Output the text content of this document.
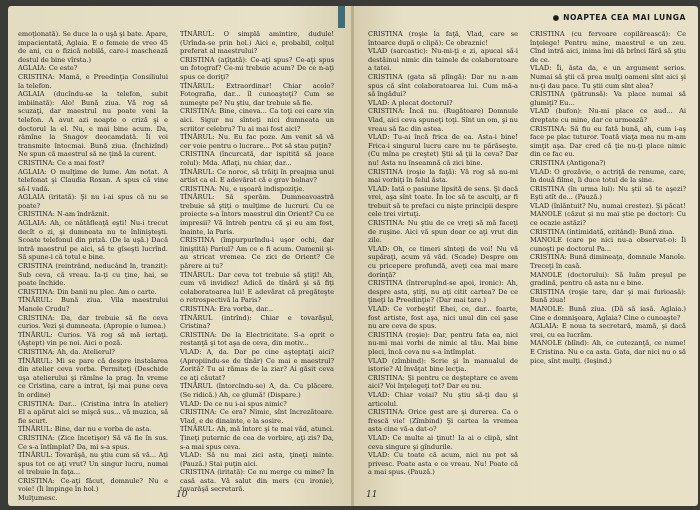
emoţionată). Se duce la o uşă şi bate. Apare, impacientată, Aglaia. E o femeie de vreo 45 de ani, cu o fizică nobilă, care-i mascheazǎ destul de bine vîrsta.)

AGLAIA: Ce este?

CRISTINA: Mamă, e Preedinţia Consiliului la telefon.

AGLAIA (ducîndu-se la telefon, subit imbiinată): Alo! Bună ziua. Vă rog să scuzaţi, dar maestrul nu poate veni la telefon. A avut azi noapte o criză şi e doctorul la el. Nu, e mai bine acum. Da, rămîne la Snagov deocamdată. Îi voi transmite întocmai. Bună ziua. (Închizînd) Ne spun că maestrul să ne ţină la curent.

CRISTINA: Ce a mai fost?

AGLAIA: O mulţime de lume. Am notat. A telefonat şi Claudia Roxan. A spus că vine să-l vadă.

AGLAIA (iritată): Şi nu i-ai spus că nu se poate?

CRISTINA: N-am îndrăznit.

AGLAIA: Ah, ce nătăfleaţă eşti! Nu-i trecut decît o zi, şi dumneata nu te înlinişteşti. Scoate telefonul din priză. (De la uşă.) Dacă intră maestrul pe aici, să te gîseşti lucrînd. Să spune-i că totul e bine.

CRISTINA (reintrând, neducând în, tranzit): Sub ceva, că vreau. Ia-ţi cu ţine, hai, se poate închide.

CRISTINA: Din banii nu plec. Am o carte.

TÎNĂRUL: Bună ziua. Vila maestrului Manole Crudu?

CRISTINA: Da, dar trebuie să fie ceva curios. Vezi şi dumneata. (Apropie o lumea.)

TÎNĂRUL: Curios. Vă rog să mă iertaţi. (Aştept) vin pe noi. Aici o poză.

CRISTINA: Ah, da. Atelierul?

TÎNĂRUL: Mi se pare că despre instalarea din atelier ceva vorba. Permiteţi (Deschide uşa atelierului şi rămîne la prag. În vreme ce Cristina, care a intrat, îşi mai pune ceva în ordine)

CRISTINA: Dar... (Cristina intra în atelier) El a apărut aici se mişcă sus... vă muzica, să fie scurt.

TÎNĂRUL: Bine, dar nu e vorba de asta.

CRISTINA: (Zice încetişor) Să vă fie în sus. Ce s-a întîmplat? Da, mi s-a spus.

TÎNĂRUL: Tovarăşă, nu ştiu cum să vă... Aţi spus tot ce aţi vrut? Un singur lucru, numai el trebuie în faţa...

CRISTINA: Ce-aţi făcut, domnule? Nu e voie! (Îi împinge în hol.)

Mulţumesc.

TÎNĂRUL: O simplă amintire, dudule! (Urînda-se prin hol.) Aici e, probabil, colţul preferat al maestrului?

CRISTINA (aţîţată): Ce-aţi spus? Ce-aţi spus un fotograf? Ce-mi trebuie acum? De ce n-aţi spus ce doriţi?

TÎNĂRUL: Extraordinar! Chiar acolo? Fotografia, dar... îl cunoaşteţi? Cum se numeşte pe? Nu ştiu, dar trebuie să fie.

CRISTINA: Bine, cineva... Ca toţi cei care vin aici. Sigur nu sînteţi nici dumneata un scriitor celebru? Tu ai mai fost aici?

TÎNĂRUL: Nu. Eu fac poze. Am venit să vă cer voie pentru o lucrare... Pot să stau puţin?

CRISTINA (încurcată, dar ispitită să joace rolul): Mda. Aflaţi, nu chiar, dar...

TÎNĂRUL: Ce noroc, să trăiţi în preajma unui artist ca el. E adevărat că e grav bolnav?

CRISTINA: Nu, e uşoară indispoziţie.

TÎNĂRUL: Să sperăm. Dumneavoastră trebuie să ştiţi o mulţime de lucruri. Cu ce proiecte s-a întors maestrul din Orient? Cu ce impresii? Vă întreb pentru că şi eu am fost, înainte, la Paris.

CRISTINA (împurpurîndu-i uşor ochi, dar liniştită) Pariul? Am ce e fi acum. Oamenii şi-au stricat vremea. Ce zici de Orient? Ce părere ai tu?

TÎNĂRUL: Dar ceva tot trebuie să ştiţi! Ah, cum vă invidiez! Adică de tînără şi să fiţi colaboratoarea lui! E adevărat că pregăteşte o retrospectivă la Paris?

CRISTINA: Era vorba, dar...

TÎNĂRUL (intrînd): Chiar e tovarăşul, Cristina?

CRISTINA: De la Electricitate. S-a oprit o restanţă şi tot aşa de ceva, din motiv...

VLAD: A, da. Dar pe cine aşteptaţi aici? (Apropiindu-se de tînăr) Ce mai e maestrul? Zorită? Tu ai rămas de la ziar? Ai găsit ceva ce aţi căutat?

TÎNĂRUL (întorcîndu-se) A, da. Cu plăcere. (Se ridică.) Ah, ce glumă! (Dispare.)

VLAD: De ce nu i-ai spus nimic?

CRISTINA: Ce era? Nimic, sînt încrezătoare. Vlad, e de dinainte, e la sosire.

TÎNĂRUL: Ah, mă întorc şi te mai văd, atunci. Ţineţi puternic de cea de vorbire, aţi zis? Da, s-a mai spus ceva.

VLAD: Să nu mai zici asta, ţineţi minte. (Pauză.) Stai puţin aici.

CRISTINA (iritată): Ce nu merge cu mine? În casă asta. Vă salut din mers (cu ironie), tovarăşă secretară.

10
● NOAPTEA CEA MAI LUNGA

CRISTINA (roşie la faţă, Vlad, care se întoarce după o clipă): Ce obraznic!

VLAD (sarcastic): Nu-mi-ţi e zi, apucai să-i destăinui nimic din tainele de colaboratoare a tatei.

CRISTINA (gata să plîngă): Dar nu n-am spus că sînt colaboratoarea lui. Cum mă-a să îngădui?

VLAD: A plecat doctorul?

CRISTINA: Încă nu. (Rugătoare) Domnule Vlad, aici ceva spuneţi toţi. Sînt un om, şi nu vreau să fac din astea.

VLAD: Tu-ai încă frica de ea. Asta-i bine! Frica-i singurul lucru care nu te părăseşte. (Cu mîna pe creştet) Ştii să ţii la ceva? Dar nu! Asta nu înseamnă că zici bine.

CRISTINA (roşie la faţă): Vă rog să nu-mi mai vorbiţi în felul ăsta.

VLAD: Iată o pasiune lipsită de sens. Şi dacă vrei, aşa sînt toate. În loc să te asculţi, ar fi trebuit să te prefaci cu nişte principii despre cele trei virtuţi.

CRISTINA: Nu ştiu de ce vreţi să mă faceţi de ruşine. Aici vă spun doar ce aţi vrut din zile.

VLAD: Oh, ce timeri sînteţi de voi! Nu vă supăraţi, acum vă văd. (Scade) Despre om cu pricepere profundă, aveţi cea mai mare dorinţă?

CRISTINA (întrerupînd-se apoi, ironic): Ah, despre asta, ştiţi, nu aţi citit cartea? De ce ţineţi la Preedinţie? (Dar mai tare.)

VLAD: Ce vorbeşti! Ehei, ce, dar... foarte, fost artiste, fost aşa, nici unul din cei şase nu are ceva de spus.

CRISTINA (roşie): Dar, pentru fata ea, nici nu-mi mai vorbi de nimic al tău. Mai bine pleci, încă ceva nu s-a întîmplat.

VLAD (zîmbind): Scrie şi în manualul de istorie? Al învăţat bine lecţia.

CRISTINA: Şi pentru ce deşteptare ce avem aici? Voi înţelegeţi tot? Dar eu nu.

VLAD: Chiar voiai? Nu ştiu să-ţi dau şi articolul.

CRISTINA: Orice gest are şi durerea. Ca o frescă vie! (Zîmbind) Şi cartea la vremea asta cine vă-a dat-o?

VLAD: Ce multe ai ţinut! Ia ai o clipă, sînt ceva singure şi gîndurile.

VLAD: Cu toate că acum, nici nu pot să privesc. Poate asta e ce vreau. Nu! Poate că a mai spus. (Pauză.)

CRISTINA (cu fervoare copilărească): Ce înţelege! Pentru mine, maestrul e un zeu. Cînd intră aici, inima îmi dă brînci fără să ştiu de ce.

VLAD: Îi, ăsta da, e un argument serios. Numai să ştii că prea mulţi oameni sînt aici şi nu-ţi dau pace. Tu ştii cum sînt alea?

CRISTINA (pătrunsă): Va place numai să glumiţi? Eu...

VLAD (bufon): Nu-mi place ce aud... Ai dreptate cu mine, dar ce urmează?

CRISTINA: Să fiu eu fată bună, ah, cum i-aş face pe plac tuturor. Toată viaţa mea nu m-am simţit aşa. Dar cred că ţie nu-ţi place nimic din ce fac eu.

CRISTINA (Antigona?)

VLAD: O grozăvie, o actriţă de renume, care, în două filme, îi duce totul de la sine.

CRISTINA (în urma lui): Nu ştii să te aşezi? Eşti atît de... (Pauză.)

VLAD (înlăntuit? Nu, numai crestez). Şi păcat!

MANOLE (căzut și nu mai știe pe doctor): Cu ce ocazie astăzi?

CRISTINA (intimidată, ezitând): Bună ziua.

MANOLE (care pe nici nu-a observat-o): Îi cunoşti pe doctorul Pa...

CRISTINA: Bună dimineaţa, domnule Manole. Treceţi în casă.

MANOLE (doctorului): Să luăm preşul pe gradină, pentru că asta nu e bine.

CRISTINA (roşie tare, dar şi mai furioasă): Bună ziua!

MANOLE: Bună ziua. (Dă să iasă. Aglaia.) Cine e domnişoara, Aglaia? Cine o cunoaşte?

AGLAIA: E noua ta secretară, mamă, şi dacă vrei, cu ea lucrăm.

MANOLE (blînd): Ah, ce cutezanţă, ce nume! E Cristina. Nu e ca asta. Gata, dar nici nu o să pice, sînt mulţi. (Ieşind.)

11
